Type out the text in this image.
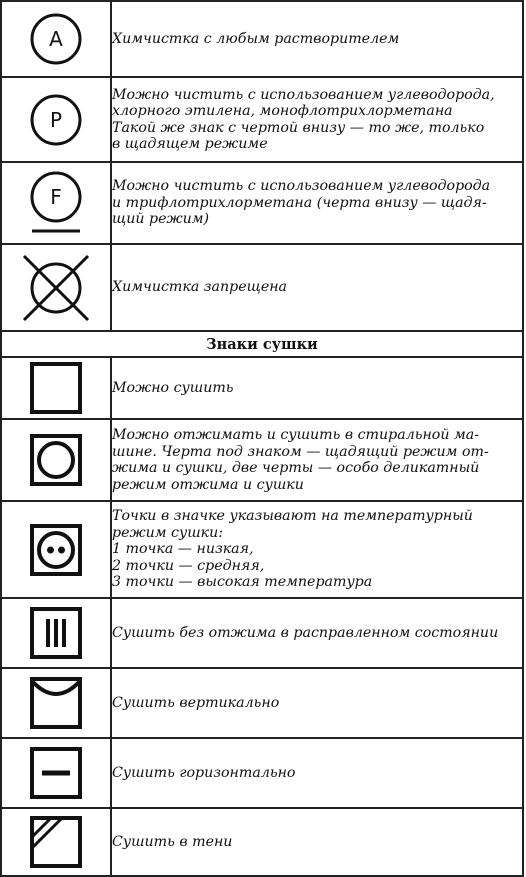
A	Химчистка с любым растворителем

P	Можно чистить с использованием углеводорода,
хлорного этилена, монофлотрихлорметана
Такой же знак с чертой внизу — то же, только
в щадящем режиме

F	Можно чистить с использованием углеводорода
и трифлотрихлорметана (черта внизу — щадя-
щий режим)

Химчистка запрещена

Знаки сушки	

Можно сушить

Можно отжимать и сушить в стиральной ма-
шине. Черта под знаком — щадящий режим от-
жима и сушки, две черты — особо деликатный
режим отжима и сушки

Точки в значке указывают на температурный
режим сушки:
1 точка — низкая,
2 точки — средняя,
3 точки — высокая температура

Сушить без отжима в расправленном состоянии

Сушить вертикально

Сушить горизонтально

Сушить в тени
